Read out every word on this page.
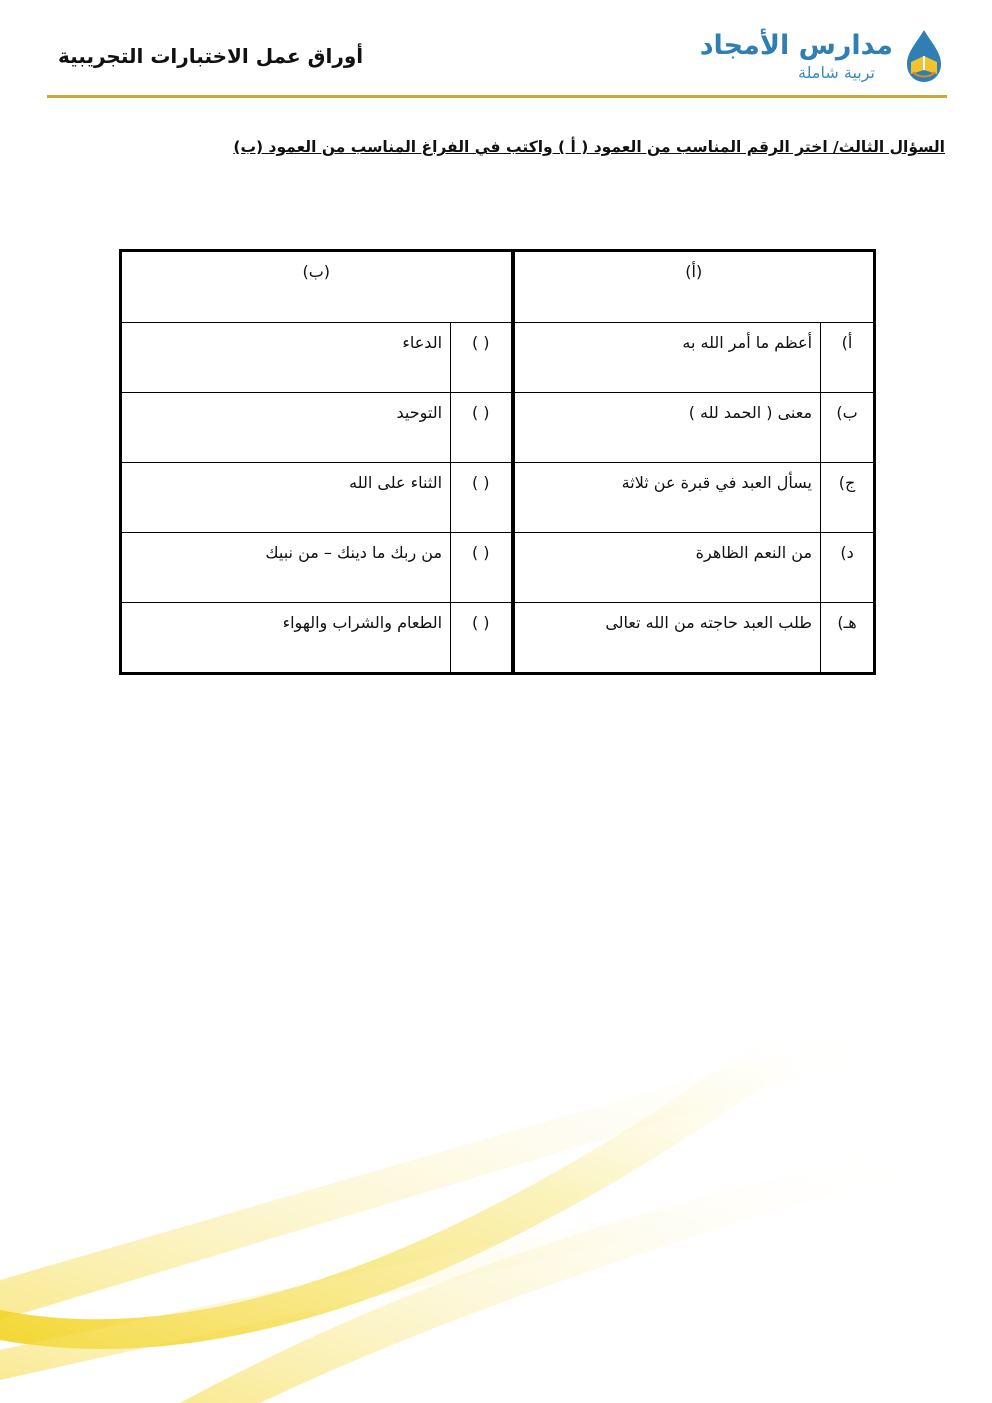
مدارس الأمجاد
تربية شاملة
أوراق عمل الاختبارات التجريبية
السؤال الثالث/ اختر الرقم المناسب من العمود ( أ ) واكتب في الفراغ المناسب من العمود (ب)
(أ)		(ب)	
أ)	أعظم ما أمر الله به	( )	الدعاء
ب)	معنى ( الحمد لله )	( )	التوحيد
ج)	يسأل العبد في قبرة عن ثلاثة	( )	الثناء على الله
د)	من النعم الظاهرة	( )	من ربك ما دينك – من نبيك
هـ)	طلب العبد حاجته من الله تعالى	( )	الطعام والشراب والهواء
